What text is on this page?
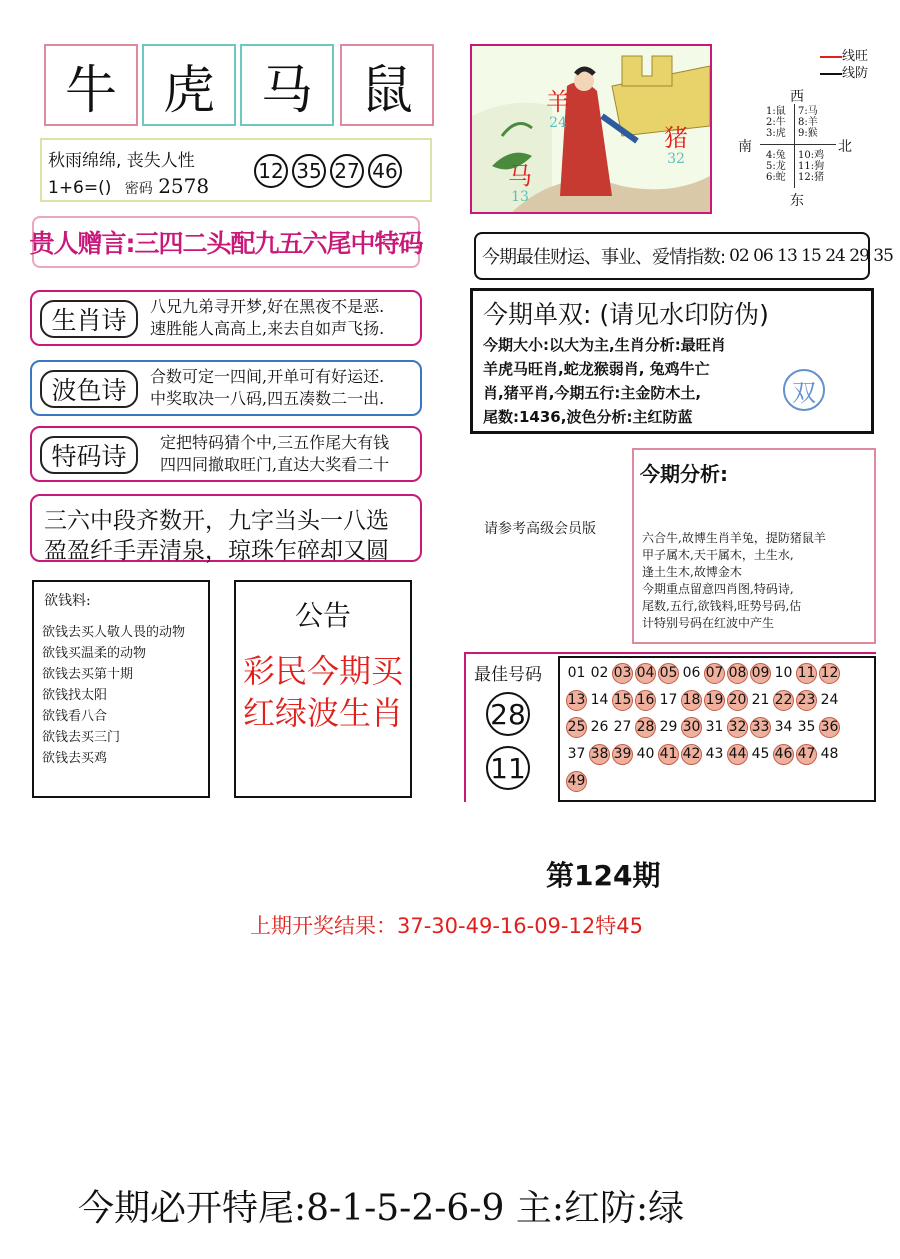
牛 虎 马 鼠
秋雨绵绵, 丧失人性
1+6=() 密码 2578
12 35 27 46
贵人赠言:三四二头配九五六尾中特码
生肖诗	八兄九弟寻开梦,好在黑夜不是恶.
速胜能人高高上,来去自如声飞扬.
波色诗	合数可定一四间,开单可有好运还.
中奖取决一八码,四五凑数二一出.
特码诗	定把特码猜个中,三五作尾大有钱
四四同撤取旺门,直达大奖看二十
三六中段齐数开，九字当头一八选
盈盈纤手弄清泉，琼珠乍碎却又圆
欲钱料:
欲钱去买人敬人畏的动物
欲钱买温柔的动物
欲钱去买第十期
欲钱找太阳
欲钱看八合
欲钱去买三门
欲钱去买鸡
公告
彩民今期买
红绿波生肖
羊
24
猪
32
马
13
线旺
线防
西
南	北
东
1:鼠
2:牛
3:虎
7:马
8:羊
9:猴
4:兔
5:龙
6:蛇
10:鸡
11:狗
12:猪
今期最佳财运、事业、爱情指数: 02 06 13 15 24 29 35
今期单双: (请见水印防伪)
今期大小:以大为主,生肖分析:最旺肖
羊虎马旺肖,蛇龙猴弱肖, 兔鸡牛亡
肖,猪平肖,今期五行:主金防木土,
尾数:1436,波色分析:主红防蓝
双
请参考高级会员版
今期分析:
六合牛,故博生肖羊兔，提防猪鼠羊
甲子属木,天干属木，土生水,
逢土生木,故博金木
今期重点留意四肖图,特码诗,
尾数,五行,欲钱料,旺势号码,估
计特别号码在红波中产生
最佳号码
28
11
01 02 03 04 05 06 07 08 09 10 11 12
13 14 15 16 17 18 19 20 21 22 23 24
25 26 27 28 29 30 31 32 33 34 35 36
37 38 39 40 41 42 43 44 45 46 47 48
49
第124期
上期开奖结果：37-30-49-16-09-12特45
今期必开特尾:8-1-5-2-6-9 主:红防:绿
